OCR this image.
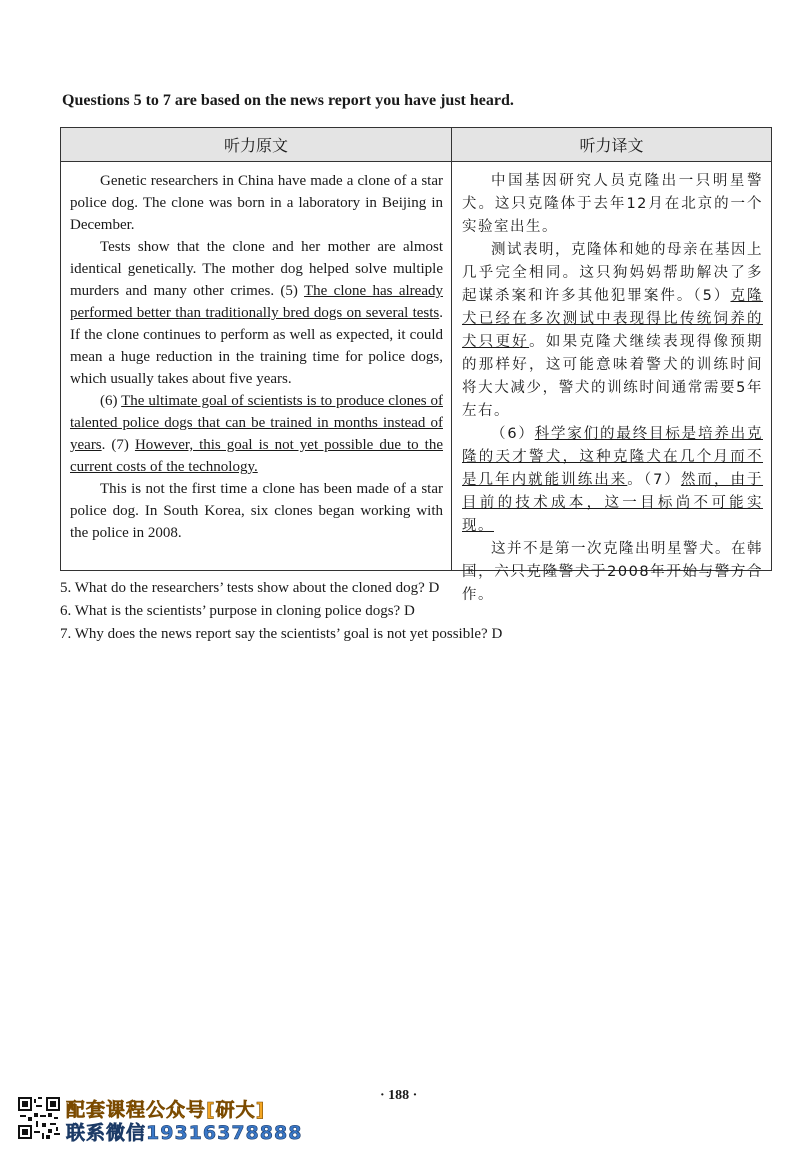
Questions 5 to 7 are based on the news report you have just heard.
听力原文	听力译文

Genetic researchers in China have made a clone of a star police dog. The clone was born in a laboratory in Beijing in December.

Tests show that the clone and her mother are almost identical genetically. The mother dog helped solve multiple murders and many other crimes. (5) The clone has already performed better than traditionally bred dogs on several tests. If the clone continues to perform as well as expected, it could mean a huge reduction in the training time for police dogs, which usually takes about five years.

(6) The ultimate goal of scientists is to produce clones of talented police dogs that can be trained in months instead of years. (7) However, this goal is not yet possible due to the current costs of the technology.

This is not the first time a clone has been made of a star police dog. In South Korea, six clones began working with the police in 2008.

中国基因研究人员克隆出一只明星警犬。这只克隆体于去年12月在北京的一个实验室出生。

测试表明，克隆体和她的母亲在基因上几乎完全相同。这只狗妈妈帮助解决了多起谋杀案和许多其他犯罪案件。（5）克隆犬已经在多次测试中表现得比传统饲养的犬只更好。如果克隆犬继续表现得像预期的那样好，这可能意味着警犬的训练时间将大大减少，警犬的训练时间通常需要5年左右。

（6）科学家们的最终目标是培养出克隆的天才警犬，这种克隆犬在几个月而不是几年内就能训练出来。（7）然而，由于目前的技术成本，这一目标尚不可能实现。

这并不是第一次克隆出明星警犬。在韩国，六只克隆警犬于2008年开始与警方合作。

5. What do the researchers’ tests show about the cloned dog? D
6. What is the scientists’ purpose in cloning police dogs? D
7. Why does the news report say the scientists’ goal is not yet possible? D
· 188 ·
配套课程公众号[研大]
联系微信19316378888
